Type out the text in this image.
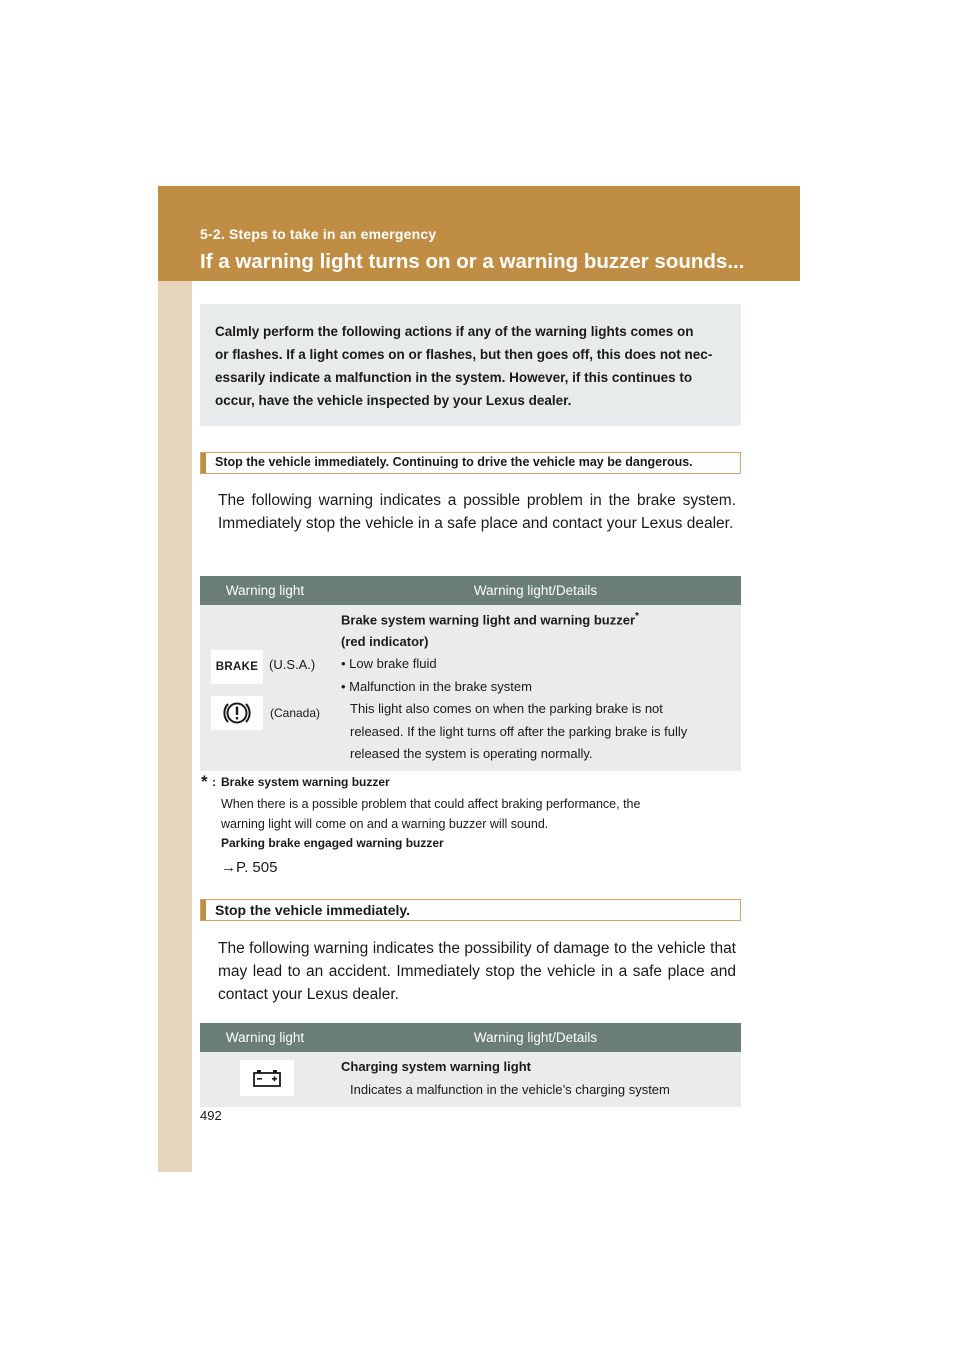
5-2. Steps to take in an emergency
If a warning light turns on or a warning buzzer sounds...
Calmly perform the following actions if any of the warning lights comes on
or flashes. If a light comes on or flashes, but then goes off, this does not nec-
essarily indicate a malfunction in the system. However, if this continues to
occur, have the vehicle inspected by your Lexus dealer.
Stop the vehicle immediately. Continuing to drive the vehicle may be dangerous.
The following warning indicates a possible problem in the brake system. Immediately stop the vehicle in a safe place and contact your Lexus dealer.
Warning light	Warning light/Details
BRAKE (U.S.A.)
(Canada)
Brake system warning light and warning buzzer*
(red indicator)
• Low brake fluid
• Malfunction in the brake system
This light also comes on when the parking brake is not
released. If the light turns off after the parking brake is fully
released the system is operating normally.
* : Brake system warning buzzer
When there is a possible problem that could affect braking performance, the
warning light will come on and a warning buzzer will sound.
Parking brake engaged warning buzzer
→P. 505
Stop the vehicle immediately.
The following warning indicates the possibility of damage to the vehicle that may lead to an accident. Immediately stop the vehicle in a safe place and contact your Lexus dealer.
Warning light	Warning light/Details
Charging system warning light
Indicates a malfunction in the vehicle’s charging system
492
